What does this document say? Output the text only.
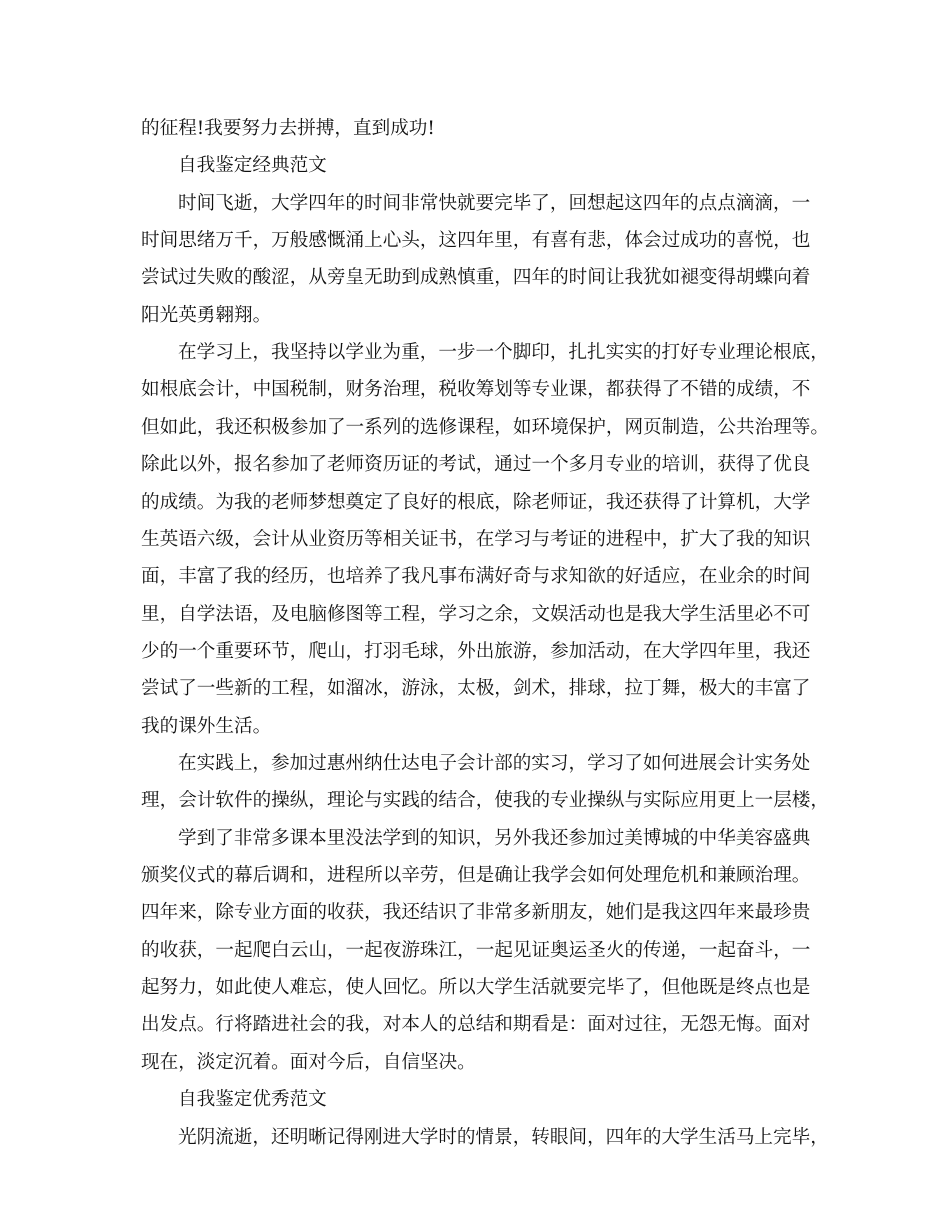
的征程!我要努力去拼搏，直到成功!
自我鉴定经典范文
时间飞逝，大学四年的时间非常快就要完毕了，回想起这四年的点点滴滴，一
时间思绪万千，万般感慨涌上心头，这四年里，有喜有悲，体会过成功的喜悦，也
尝试过失败的酸涩，从旁皇无助到成熟慎重，四年的时间让我犹如褪变得胡蝶向着
阳光英勇翱翔。
在学习上，我坚持以学业为重，一步一个脚印，扎扎实实的打好专业理论根底，
如根底会计，中国税制，财务治理，税收筹划等专业课，都获得了不错的成绩，不
但如此，我还积极参加了一系列的选修课程，如环境保护，网页制造，公共治理等。
除此以外，报名参加了老师资历证的考试，通过一个多月专业的培训，获得了优良
的成绩。为我的老师梦想奠定了良好的根底，除老师证，我还获得了计算机，大学
生英语六级，会计从业资历等相关证书，在学习与考证的进程中，扩大了我的知识
面，丰富了我的经历，也培养了我凡事布满好奇与求知欲的好适应，在业余的时间
里，自学法语，及电脑修图等工程，学习之余，文娱活动也是我大学生活里必不可
少的一个重要环节，爬山，打羽毛球，外出旅游，参加活动，在大学四年里，我还
尝试了一些新的工程，如溜冰，游泳，太极，剑术，排球，拉丁舞，极大的丰富了
我的课外生活。
在实践上，参加过惠州纳仕达电子会计部的实习，学习了如何进展会计实务处
理，会计软件的操纵，理论与实践的结合，使我的专业操纵与实际应用更上一层楼，
学到了非常多课本里没法学到的知识，另外我还参加过美博城的中华美容盛典
颁奖仪式的幕后调和，进程所以辛劳，但是确让我学会如何处理危机和兼顾治理。
四年来，除专业方面的收获，我还结识了非常多新朋友，她们是我这四年来最珍贵
的收获，一起爬白云山，一起夜游珠江，一起见证奥运圣火的传递，一起奋斗，一
起努力，如此使人难忘，使人回忆。所以大学生活就要完毕了，但他既是终点也是
出发点。行将踏进社会的我，对本人的总结和期看是：面对过往，无怨无悔。面对
现在，淡定沉着。面对今后，自信坚决。
自我鉴定优秀范文
光阴流逝，还明晰记得刚进大学时的情景，转眼间，四年的大学生活马上完毕，
